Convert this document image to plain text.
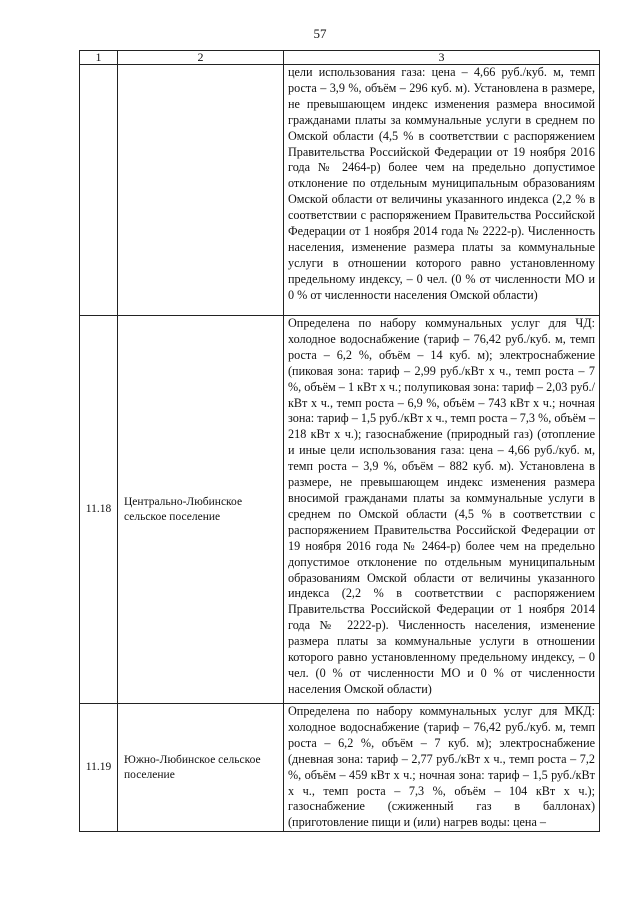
57
1	2	3
		цели использования газа: цена – 4,66 руб./куб. м, темп роста – 3,9 %, объём – 296 куб. м). Установлена в размере, не превышающем индекс изменения размера вносимой гражданами платы за коммунальные услуги в среднем по Омской области (4,5 % в соответствии с распоряжением Правительства Российской Федерации от 19 ноября 2016 года № 2464-р) более чем на предельно допустимое отклонение по отдельным муниципальным образованиям Омской области от величины указанного индекса (2,2 % в соответствии с распоряжением Правительства Российской Федерации от 1 ноября 2014 года № 2222-р). Численность населения, изменение размера платы за коммунальные услуги в отношении которого равно установленному предельному индексу, – 0 чел. (0 % от численности МО и 0 % от численности населения Омской области)
11.18	Центрально-Любинское сельское поселение	Определена по набору коммунальных услуг для ЧД: холодное водоснабжение (тариф – 76,42 руб./куб. м, темп роста – 6,2 %, объём – 14 куб. м); электроснабжение (пиковая зона: тариф – 2,99 руб./кВт х ч., темп роста – 7 %, объём – 1 кВт х ч.; полупиковая зона: тариф – 2,03 руб./кВт х ч., темп роста – 6,9 %, объём – 743 кВт х ч.; ночная зона: тариф – 1,5 руб./кВт х ч., темп роста – 7,3 %, объём – 218 кВт х ч.); газоснабжение (природный газ) (отопление и иные цели использования газа: цена – 4,66 руб./куб. м, темп роста – 3,9 %, объём – 882 куб. м). Установлена в размере, не превышающем индекс изменения размера вносимой гражданами платы за коммунальные услуги в среднем по Омской области (4,5 % в соответствии с распоряжением Правительства Российской Федерации от 19 ноября 2016 года № 2464-р) более чем на предельно допустимое отклонение по отдельным муниципальным образованиям Омской области от величины указанного индекса (2,2 % в соответствии с распоряжением Правительства Российской Федерации от 1 ноября 2014 года № 2222-р). Численность населения, изменение размера платы за коммунальные услуги в отношении которого равно установленному предельному индексу, – 0 чел. (0 % от численности МО и 0 % от численности населения Омской области)
11.19	Южно-Любинское сельское поселение	Определена по набору коммунальных услуг для МКД: холодное водоснабжение (тариф – 76,42 руб./куб. м, темп роста – 6,2 %, объём – 7 куб. м); электроснабжение (дневная зона: тариф – 2,77 руб./кВт х ч., темп роста – 7,2 %, объём – 459 кВт х ч.; ночная зона: тариф – 1,5 руб./кВт х ч., темп роста – 7,3 %, объём – 104 кВт х ч.); газоснабжение (сжиженный газ в баллонах) (приготовление пищи и (или) нагрев воды: цена –
